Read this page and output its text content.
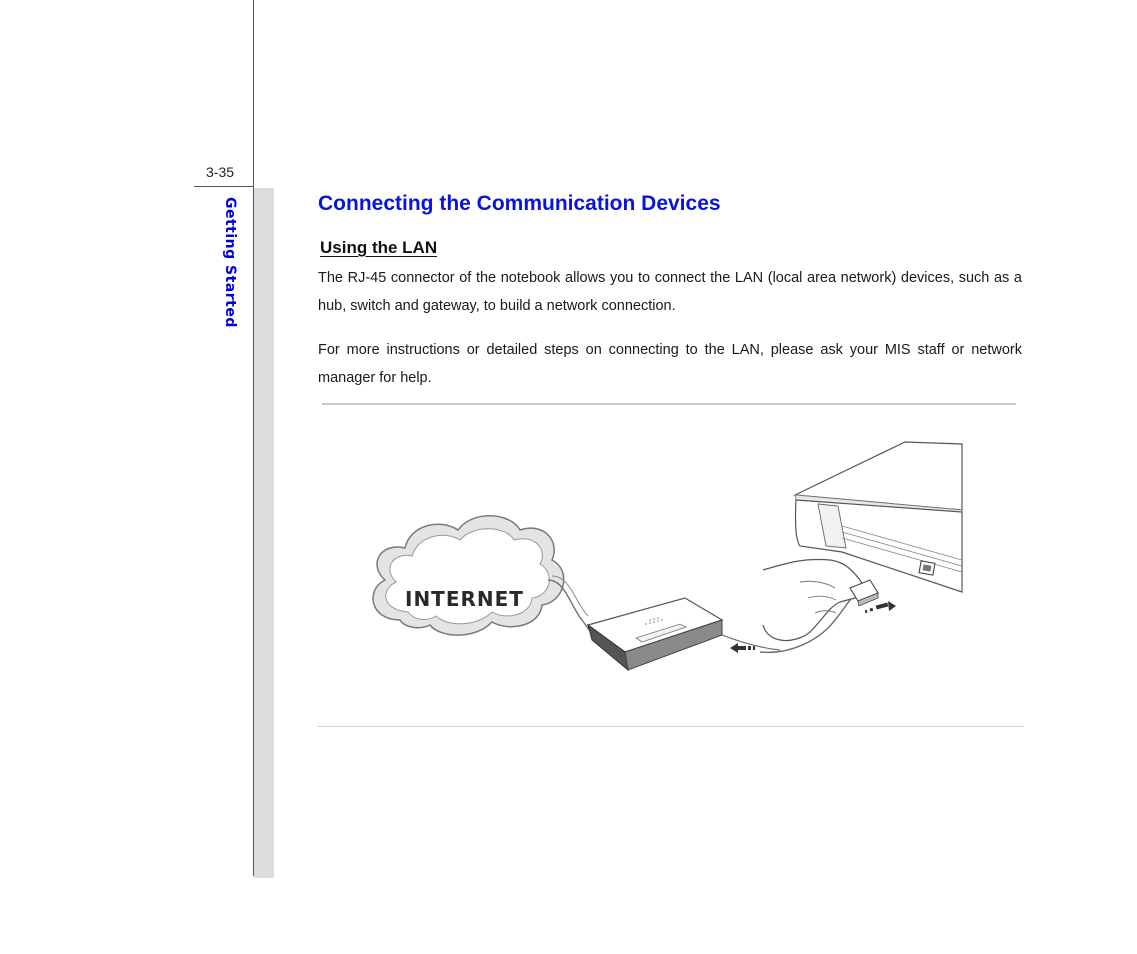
3-35
Getting Started	Connecting the Communication Devices
Using the LAN

The RJ-45 connector of the notebook allows you to connect the LAN (local area network) devices, such as a hub, switch and gateway, to build a network connection.

For more instructions or detailed steps on connecting to the LAN, please ask your MIS staff or network manager for help.

INTERNET
